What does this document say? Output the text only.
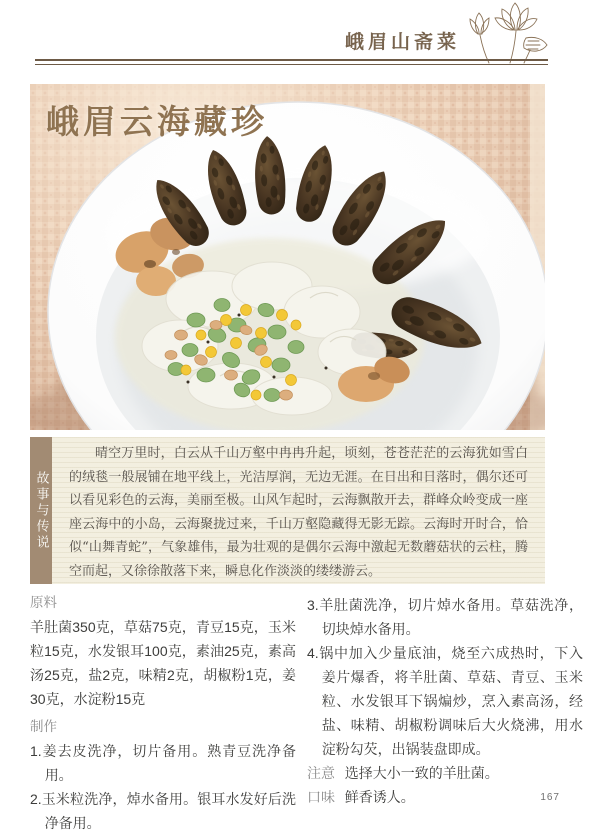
峨眉山斋菜
峨眉云海藏珍
故事与传说

晴空万里时，白云从千山万壑中冉冉升起，顷刻，苍苍茫茫的云海犹如雪白的绒毯一般展铺在地平线上，光洁厚润，无边无涯。在日出和日落时，偶尔还可以看见彩色的云海，美丽至极。山风乍起时，云海飘散开去，群峰众岭变成一座座云海中的小岛，云海聚拢过来，千山万壑隐藏得无影无踪。云海时开时合，恰似“山舞青蛇”，气象雄伟，最为壮观的是偶尔云海中激起无数蘑菇状的云柱，腾空而起，又徐徐散落下来，瞬息化作淡淡的缕缕游云。

原料

羊肚菌350克，草菇75克，青豆15克，玉米粒15克，水发银耳100克，素油25克，素高汤25克，盐2克，味精2克，胡椒粉1克，姜30克，水淀粉15克

制作
1.姜去皮洗净，切片备用。熟青豆洗净备用。
2.玉米粒洗净，焯水备用。银耳水发好后洗净备用。
3.羊肚菌洗净，切片焯水备用。草菇洗净，切块焯水备用。
4.锅中加入少量底油，烧至六成热时，下入姜片爆香，将羊肚菌、草菇、青豆、玉米粒、水发银耳下锅煸炒，烹入素高汤，经盐、味精、胡椒粉调味后大火烧沸，用水淀粉勾芡，出锅装盘即成。
注意 选择大小一致的羊肚菌。
口味 鲜香诱人。	167
